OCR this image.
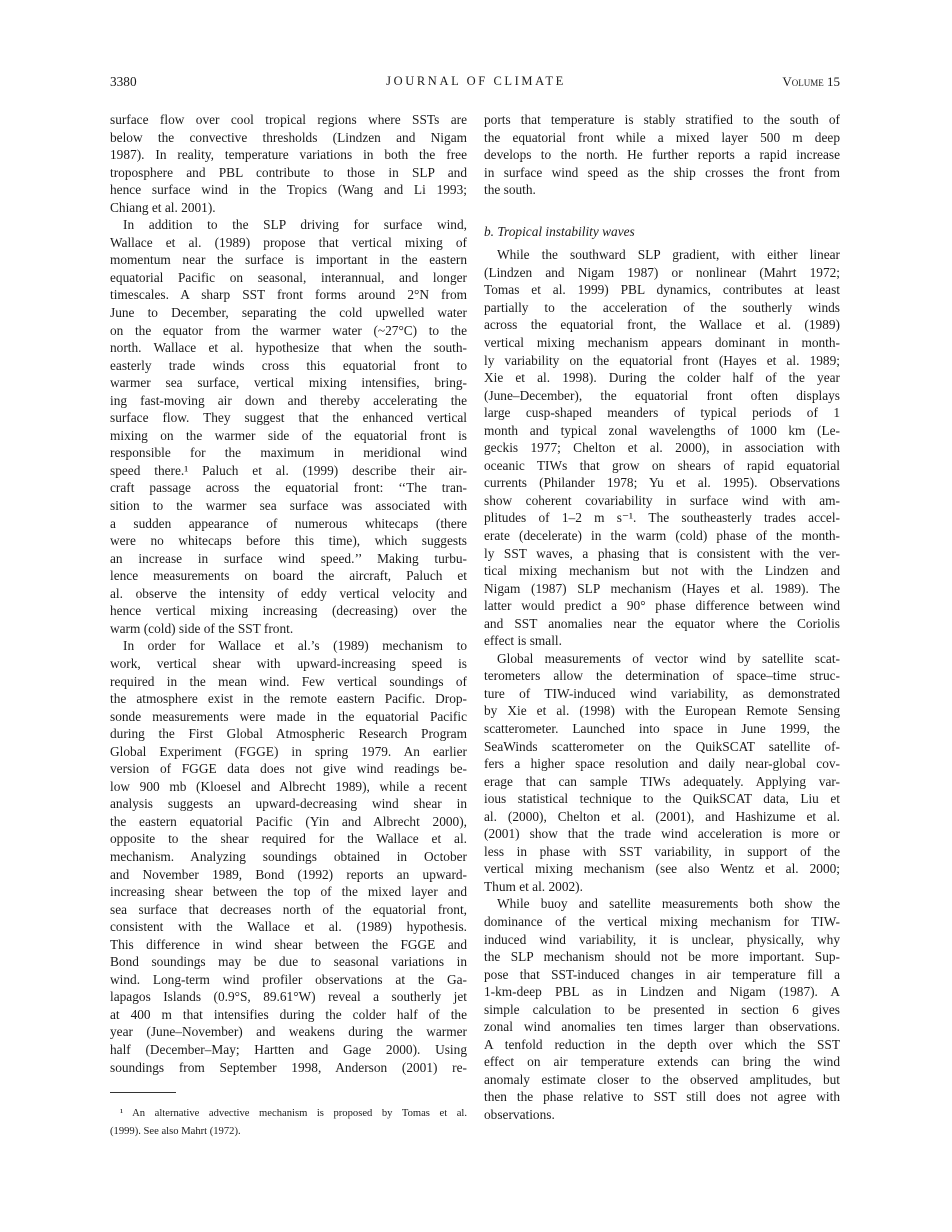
3380	JOURNAL OF CLIMATE	Volume 15
surface flow over cool tropical regions where SSTs are
below the convective thresholds (Lindzen and Nigam
1987). In reality, temperature variations in both the free
troposphere and PBL contribute to those in SLP and
hence surface wind in the Tropics (Wang and Li 1993;
Chiang et al. 2001).
In addition to the SLP driving for surface wind,
Wallace et al. (1989) propose that vertical mixing of
momentum near the surface is important in the eastern
equatorial Pacific on seasonal, interannual, and longer
timescales. A sharp SST front forms around 2°N from
June to December, separating the cold upwelled water
on the equator from the warmer water (~27°C) to the
north. Wallace et al. hypothesize that when the south-
easterly trade winds cross this equatorial front to
warmer sea surface, vertical mixing intensifies, bring-
ing fast-moving air down and thereby accelerating the
surface flow. They suggest that the enhanced vertical
mixing on the warmer side of the equatorial front is
responsible for the maximum in meridional wind
speed there.¹ Paluch et al. (1999) describe their air-
craft passage across the equatorial front: ‘‘The tran-
sition to the warmer sea surface was associated with
a sudden appearance of numerous whitecaps (there
were no whitecaps before this time), which suggests
an increase in surface wind speed.’’ Making turbu-
lence measurements on board the aircraft, Paluch et
al. observe the intensity of eddy vertical velocity and
hence vertical mixing increasing (decreasing) over the
warm (cold) side of the SST front.
In order for Wallace et al.’s (1989) mechanism to
work, vertical shear with upward-increasing speed is
required in the mean wind. Few vertical soundings of
the atmosphere exist in the remote eastern Pacific. Drop-
sonde measurements were made in the equatorial Pacific
during the First Global Atmospheric Research Program
Global Experiment (FGGE) in spring 1979. An earlier
version of FGGE data does not give wind readings be-
low 900 mb (Kloesel and Albrecht 1989), while a recent
analysis suggests an upward-decreasing wind shear in
the eastern equatorial Pacific (Yin and Albrecht 2000),
opposite to the shear required for the Wallace et al.
mechanism. Analyzing soundings obtained in October
and November 1989, Bond (1992) reports an upward-
increasing shear between the top of the mixed layer and
sea surface that decreases north of the equatorial front,
consistent with the Wallace et al. (1989) hypothesis.
This difference in wind shear between the FGGE and
Bond soundings may be due to seasonal variations in
wind. Long-term wind profiler observations at the Ga-
lapagos Islands (0.9°S, 89.61°W) reveal a southerly jet
at 400 m that intensifies during the colder half of the
year (June–November) and weakens during the warmer
half (December–May; Hartten and Gage 2000). Using
soundings from September 1998, Anderson (2001) re-
ports that temperature is stably stratified to the south of
the equatorial front while a mixed layer 500 m deep
develops to the north. He further reports a rapid increase
in surface wind speed as the ship crosses the front from
the south.
b. Tropical instability waves
While the southward SLP gradient, with either linear
(Lindzen and Nigam 1987) or nonlinear (Mahrt 1972;
Tomas et al. 1999) PBL dynamics, contributes at least
partially to the acceleration of the southerly winds
across the equatorial front, the Wallace et al. (1989)
vertical mixing mechanism appears dominant in month-
ly variability on the equatorial front (Hayes et al. 1989;
Xie et al. 1998). During the colder half of the year
(June–December), the equatorial front often displays
large cusp-shaped meanders of typical periods of 1
month and typical zonal wavelengths of 1000 km (Le-
geckis 1977; Chelton et al. 2000), in association with
oceanic TIWs that grow on shears of rapid equatorial
currents (Philander 1978; Yu et al. 1995). Observations
show coherent covariability in surface wind with am-
plitudes of 1–2 m s⁻¹. The southeasterly trades accel-
erate (decelerate) in the warm (cold) phase of the month-
ly SST waves, a phasing that is consistent with the ver-
tical mixing mechanism but not with the Lindzen and
Nigam (1987) SLP mechanism (Hayes et al. 1989). The
latter would predict a 90° phase difference between wind
and SST anomalies near the equator where the Coriolis
effect is small.
Global measurements of vector wind by satellite scat-
terometers allow the determination of space–time struc-
ture of TIW-induced wind variability, as demonstrated
by Xie et al. (1998) with the European Remote Sensing
scatterometer. Launched into space in June 1999, the
SeaWinds scatterometer on the QuikSCAT satellite of-
fers a higher space resolution and daily near-global cov-
erage that can sample TIWs adequately. Applying var-
ious statistical technique to the QuikSCAT data, Liu et
al. (2000), Chelton et al. (2001), and Hashizume et al.
(2001) show that the trade wind acceleration is more or
less in phase with SST variability, in support of the
vertical mixing mechanism (see also Wentz et al. 2000;
Thum et al. 2002).
While buoy and satellite measurements both show the
dominance of the vertical mixing mechanism for TIW-
induced wind variability, it is unclear, physically, why
the SLP mechanism should not be more important. Sup-
pose that SST-induced changes in air temperature fill a
1-km-deep PBL as in Lindzen and Nigam (1987). A
simple calculation to be presented in section 6 gives
zonal wind anomalies ten times larger than observations.
A tenfold reduction in the depth over which the SST
effect on air temperature extends can bring the wind
anomaly estimate closer to the observed amplitudes, but
then the phase relative to SST still does not agree with
observations.
¹ An alternative advective mechanism is proposed by Tomas et al.
(1999). See also Mahrt (1972).
